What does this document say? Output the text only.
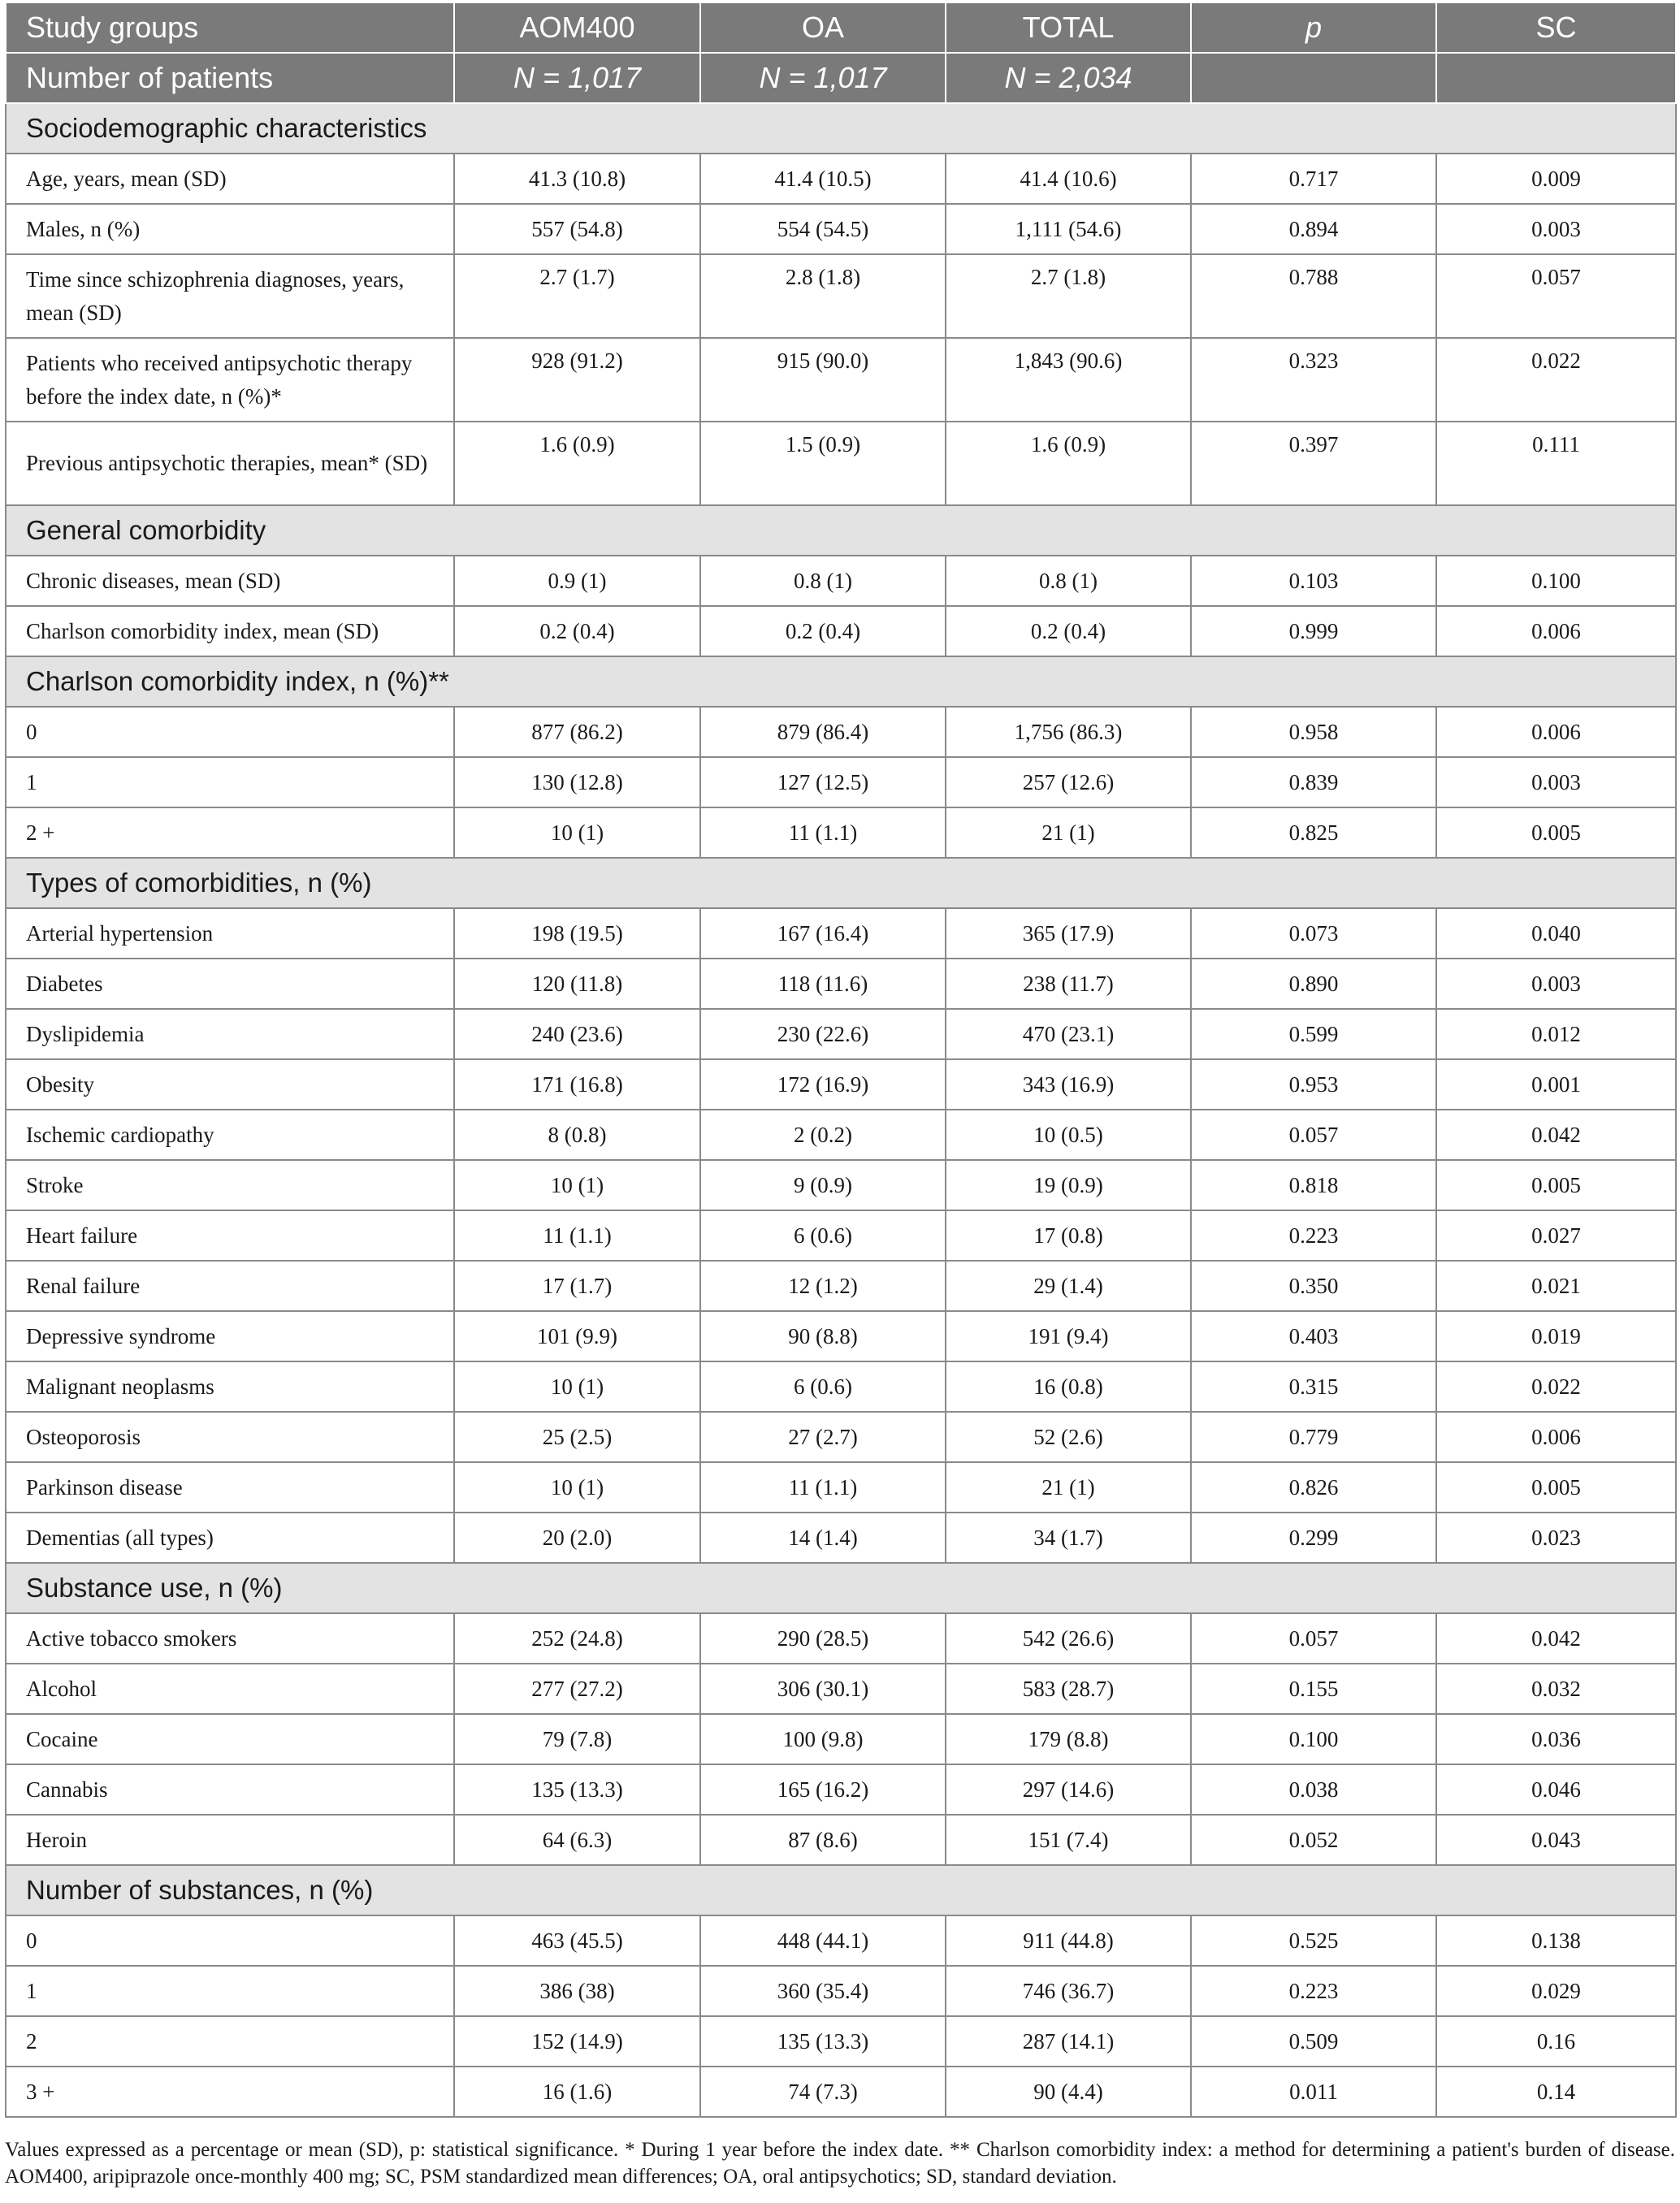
Study groups	AOM400	OA	TOTAL	p	SC
Number of patients	N = 1,017	N = 1,017	N = 2,034		
Sociodemographic characteristics					
Age, years, mean (SD)	41.3 (10.8)	41.4 (10.5)	41.4 (10.6)	0.717	0.009
Males, n (%)	557 (54.8)	554 (54.5)	1,111 (54.6)	0.894	0.003
Time since schizophrenia diagnoses, years, mean (SD)	2.7 (1.7)	2.8 (1.8)	2.7 (1.8)	0.788	0.057
Patients who received antipsychotic therapy before the index date, n (%)*	928 (91.2)	915 (90.0)	1,843 (90.6)	0.323	0.022
Previous antipsychotic therapies, mean* (SD)	1.6 (0.9)	1.5 (0.9)	1.6 (0.9)	0.397	0.111
General comorbidity					
Chronic diseases, mean (SD)	0.9 (1)	0.8 (1)	0.8 (1)	0.103	0.100
Charlson comorbidity index, mean (SD)	0.2 (0.4)	0.2 (0.4)	0.2 (0.4)	0.999	0.006
Charlson comorbidity index, n (%)**					
0	877 (86.2)	879 (86.4)	1,756 (86.3)	0.958	0.006
1	130 (12.8)	127 (12.5)	257 (12.6)	0.839	0.003
2 +	10 (1)	11 (1.1)	21 (1)	0.825	0.005
Types of comorbidities, n (%)					
Arterial hypertension	198 (19.5)	167 (16.4)	365 (17.9)	0.073	0.040
Diabetes	120 (11.8)	118 (11.6)	238 (11.7)	0.890	0.003
Dyslipidemia	240 (23.6)	230 (22.6)	470 (23.1)	0.599	0.012
Obesity	171 (16.8)	172 (16.9)	343 (16.9)	0.953	0.001
Ischemic cardiopathy	8 (0.8)	2 (0.2)	10 (0.5)	0.057	0.042
Stroke	10 (1)	9 (0.9)	19 (0.9)	0.818	0.005
Heart failure	11 (1.1)	6 (0.6)	17 (0.8)	0.223	0.027
Renal failure	17 (1.7)	12 (1.2)	29 (1.4)	0.350	0.021
Depressive syndrome	101 (9.9)	90 (8.8)	191 (9.4)	0.403	0.019
Malignant neoplasms	10 (1)	6 (0.6)	16 (0.8)	0.315	0.022
Osteoporosis	25 (2.5)	27 (2.7)	52 (2.6)	0.779	0.006
Parkinson disease	10 (1)	11 (1.1)	21 (1)	0.826	0.005
Dementias (all types)	20 (2.0)	14 (1.4)	34 (1.7)	0.299	0.023
Substance use, n (%)					
Active tobacco smokers	252 (24.8)	290 (28.5)	542 (26.6)	0.057	0.042
Alcohol	277 (27.2)	306 (30.1)	583 (28.7)	0.155	0.032
Cocaine	79 (7.8)	100 (9.8)	179 (8.8)	0.100	0.036
Cannabis	135 (13.3)	165 (16.2)	297 (14.6)	0.038	0.046
Heroin	64 (6.3)	87 (8.6)	151 (7.4)	0.052	0.043
Number of substances, n (%)					
0	463 (45.5)	448 (44.1)	911 (44.8)	0.525	0.138
1	386 (38)	360 (35.4)	746 (36.7)	0.223	0.029
2	152 (14.9)	135 (13.3)	287 (14.1)	0.509	0.16
3 +	16 (1.6)	74 (7.3)	90 (4.4)	0.011	0.14
Values expressed as a percentage or mean (SD), p: statistical significance. * During 1 year before the index date. ** Charlson comorbidity index: a method for determining a patient's burden of disease. AOM400, aripiprazole once-monthly 400 mg; SC, PSM standardized mean differences; OA, oral antipsychotics; SD, standard deviation.
